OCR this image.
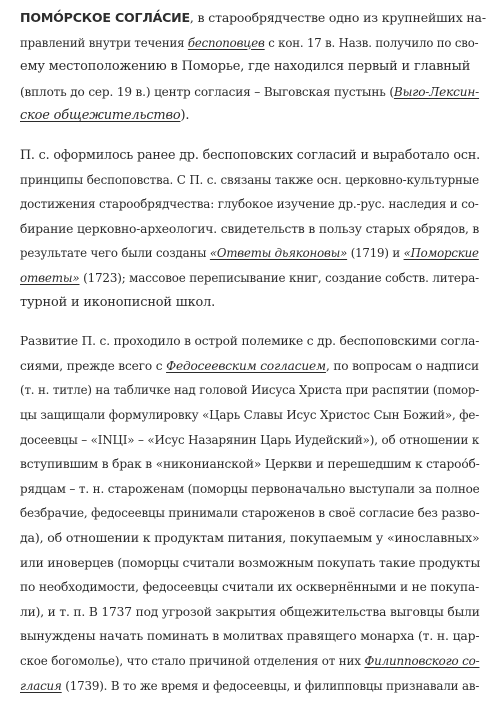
ПОМО́РСКОЕ СОГЛА́СИЕ, в старообрядчестве одно из крупнейших на-
правлений внутри течения беспоповцев с кон. 17 в. Назв. получило по сво-
ему местоположению в Поморье, где находился первый и главный
(вплоть до сер. 19 в.) центр согласия – Выговская пустынь (Выго-Лексин-
ское общежительство).
П. с. оформилось ранее др. беспоповских согласий и выработало осн.
принципы беспоповства. С П. с. связаны также осн. церковно-культурные
достижения старообрядчества: глубокое изучение др.-рус. наследия и со-
бирание церковно-археологич. свидетельств в пользу старых обрядов, в
результате чего были созданы «Ответы дьяконовы» (1719) и «Поморские
ответы» (1723); массовое переписывание книг, создание собств. литера-
турной и иконописной школ.
Развитие П. с. проходило в острой полемике с др. беспоповскими согла-
сиями, прежде всего с Федосеевским согласием, по вопросам о надписи
(т. н. титле) на табличке над головой Иисуса Христа при распятии (помор-
цы защищали формулировку «Царь Славы Исус Христос Сын Божий», фе-
досеевцы – «INЦI» – «Исус Назарянин Царь Иудейский»), об отношении к
вступившим в брак в «никонианской» Церкви и перешедшим к староо́б-
рядцам – т. н. староженам (поморцы первоначально выступали за полное
безбрачие, федосеевцы принимали староженов в своё согласие без разво-
да), об отношении к продуктам питания, покупаемым у «инославных»
или иноверцев (поморцы считали возможным покупать такие продукты
по необходимости, федосеевцы считали их осквернёнными и не покупа-
ли), и т. п. В 1737 под угрозой закрытия общежительства выговцы были
вынуждены начать поминать в молитвах правящего монарха (т. н. цар-
ское богомолье), что стало причиной отделения от них Филипповского со-
гласия (1739). В то же время и федосеевцы, и филипповцы признавали ав-
